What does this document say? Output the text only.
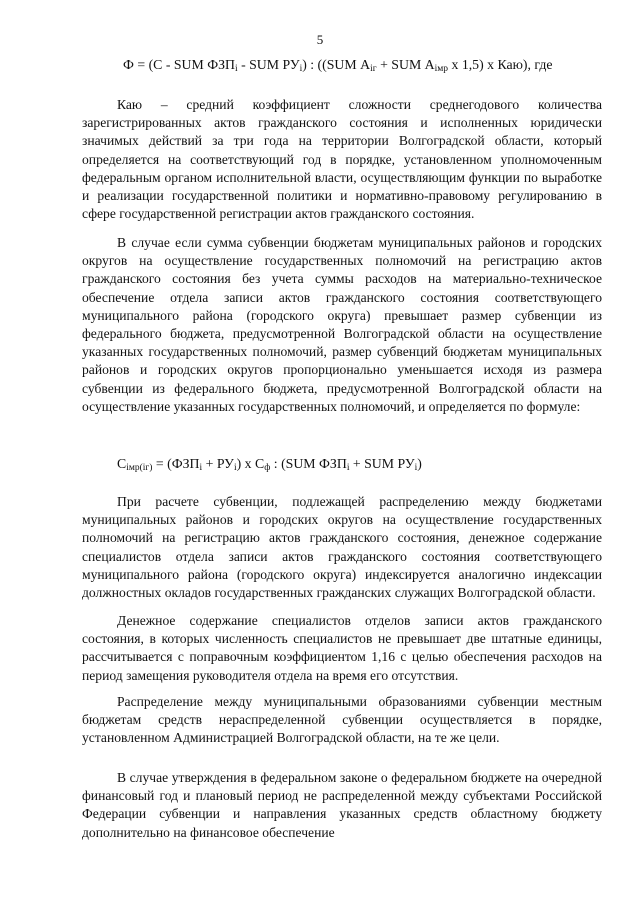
5
Ф = (С - SUM $ФЗП_i$ - SUM $РУ_i$) : ((SUM $А_{iг}$ + SUM $А_{iмр}$ х 1,5) х Каю), где

Каю – средний коэффициент сложности среднегодового количества зарегистрированных актов гражданского состояния и исполненных юридически значимых действий за три года на территории Волгоградской области, который определяется на соответствующий год в порядке, установленном уполномоченным федеральным органом исполнительной власти, осуществляющим функции по выработке и реализации государственной политики и нормативно-правовому регулированию в сфере государственной регистрации актов гражданского состояния.

В случае если сумма субвенции бюджетам муниципальных районов и городских округов на осуществление государственных полномочий на регистрацию актов гражданского состояния без учета суммы расходов на материально-техническое обеспечение отдела записи актов гражданского состояния соответствующего муниципального района (городского округа) превышает размер субвенции из федерального бюджета, предусмотренной Волгоградской области на осуществление указанных государственных полномочий, размер субвенций бюджетам муниципальных районов и городских округов пропорционально уменьшается исходя из размера субвенции из федерального бюджета, предусмотренной Волгоградской области на осуществление указанных государственных полномочий, и определяется по формуле:

$С_{iмр(iг)} = (ФЗП_i + РУ_i)$ х $С_ф$ : (SUM $ФЗП_i$ + SUM $РУ_i$)

При расчете субвенции, подлежащей распределению между бюджетами муниципальных районов и городских округов на осуществление государственных полномочий на регистрацию актов гражданского состояния, денежное содержание специалистов отдела записи актов гражданского состояния соответствующего муниципального района (городского округа) индексируется аналогично индексации должностных окладов государственных гражданских служащих Волгоградской области.

Денежное содержание специалистов отделов записи актов гражданского состояния, в которых численность специалистов не превышает две штатные единицы, рассчитывается с поправочным коэффициентом 1,16 с целью обеспечения расходов на период замещения руководителя отдела на время его отсутствия.

Распределение между муниципальными образованиями субвенции местным бюджетам средств нераспределенной субвенции осуществляется в порядке, установленном Администрацией Волгоградской области, на те же цели.

В случае утверждения в федеральном законе о федеральном бюджете на очередной финансовый год и плановый период не распределенной между субъектами Российской Федерации субвенции и направления указанных средств областному бюджету дополнительно на финансовое обеспечение
